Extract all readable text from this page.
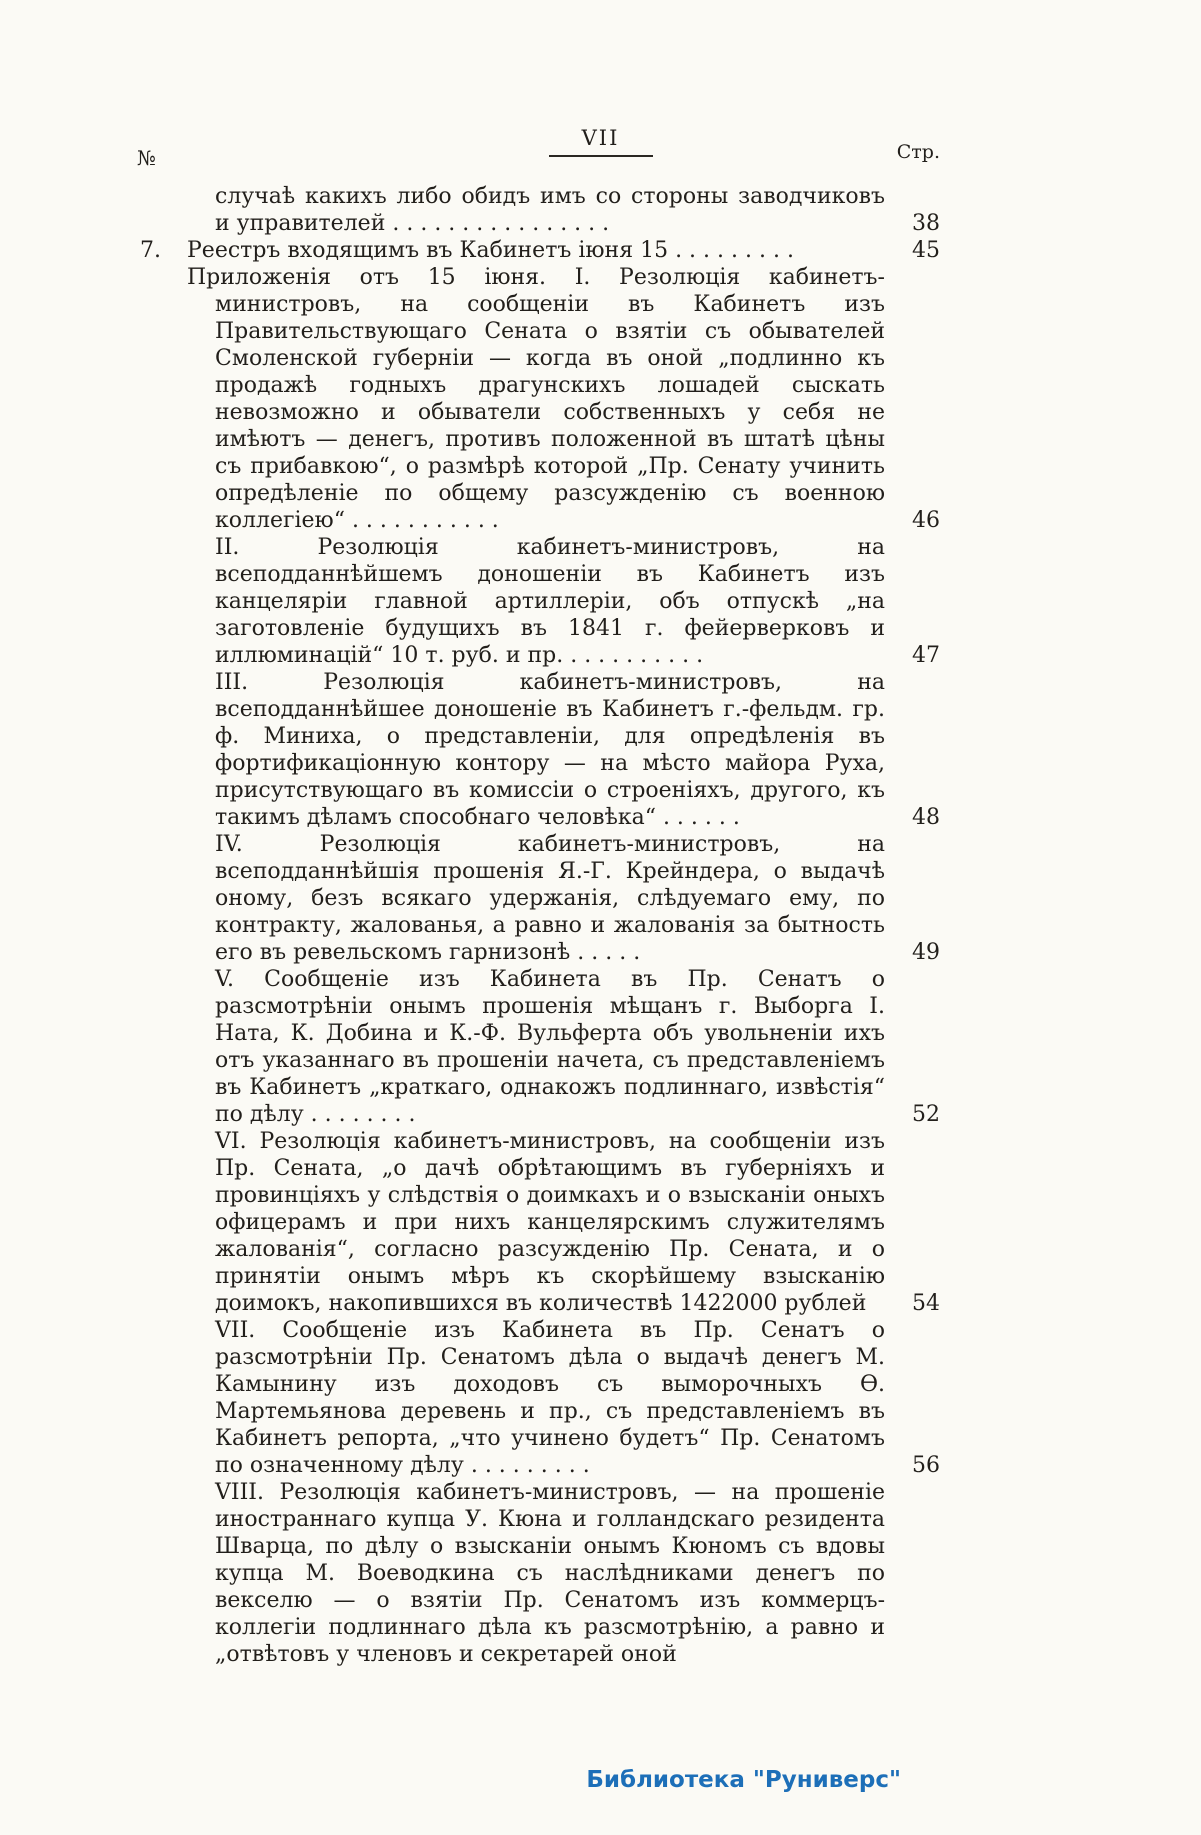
VII
№	Стр.
случаѣ какихъ либо обидъ имъ со стороны заводчиковъ и управителей . . . . . . . . . . . . . . . .	38
7.	Реестръ входящимъ въ Кабинетъ іюня 15 . . . . . . . . .	45
Приложенія отъ 15 іюня. I. Резолюція кабинетъ-министровъ, на сообщеніи въ Кабинетъ изъ Правительствующаго Сената о взятіи съ обывателей Смоленской губерніи — когда въ оной „подлинно къ продажѣ годныхъ драгунскихъ лошадей сыскать невозможно и обыватели собственныхъ у себя не имѣютъ — денегъ, противъ положенной въ штатѣ цѣны съ прибавкою“, о размѣрѣ которой „Пр. Сенату учинить опредѣленіе по общему разсужденію съ военною коллегіею“ . . . . . . . . . . .	46
II. Резолюція кабинетъ-министровъ, на всеподданнѣйшемъ доношеніи въ Кабинетъ изъ канцеляріи главной артиллеріи, объ отпускѣ „на заготовленіе будущихъ въ 1841 г. фейерверковъ и иллюминацій“ 10 т. руб. и пр. . . . . . . . . . .	47
III. Резолюція кабинетъ-министровъ, на всеподданнѣйшее доношеніе въ Кабинетъ г.-фельдм. гр. ф. Миниха, о представленіи, для опредѣленія въ фортификаціонную контору — на мѣсто майора Руха, присутствующаго въ комиссіи о строеніяхъ, другого, къ такимъ дѣламъ способнаго человѣка“ . . . . . .	48
IV. Резолюція кабинетъ-министровъ, на всеподданнѣйшія прошенія Я.-Г. Крейндера, о выдачѣ оному, безъ всякаго удержанія, слѣдуемаго ему, по контракту, жалованья, а равно и жалованія за бытность его въ ревельскомъ гарнизонѣ . . . . .	49
V. Сообщеніе изъ Кабинета въ Пр. Сенатъ о разсмотрѣніи онымъ прошенія мѣщанъ г. Выборга I. Ната, К. Добина и К.-Ф. Вульферта объ увольненіи ихъ отъ указаннаго въ прошеніи начета, съ представленіемъ въ Кабинетъ „краткаго, однакожъ подлиннаго, извѣстія“ по дѣлу . . . . . . . .	52
VI. Резолюція кабинетъ-министровъ, на сообщеніи изъ Пр. Сената, „о дачѣ обрѣтающимъ въ губерніяхъ и провинціяхъ у слѣдствія о доимкахъ и о взысканіи оныхъ офицерамъ и при нихъ канцелярскимъ служителямъ жалованія“, согласно разсужденію Пр. Сената, и о принятіи онымъ мѣръ къ скорѣйшему взысканію доимокъ, накопившихся въ количествѣ 1422000 рублей	54
VII. Сообщеніе изъ Кабинета въ Пр. Сенатъ о разсмотрѣніи Пр. Сенатомъ дѣла о выдачѣ денегъ М. Камынину изъ доходовъ съ выморочныхъ Ѳ. Мартемьянова деревень и пр., съ представленіемъ въ Кабинетъ репорта, „что учинено будетъ“ Пр. Сенатомъ по означенному дѣлу . . . . . . . . .	56
VIII. Резолюція кабинетъ-министровъ, — на прошеніе иностраннаго купца У. Кюна и голландскаго резидента Шварца, по дѣлу о взысканіи онымъ Кюномъ съ вдовы купца М. Воеводкина съ наслѣдниками денегъ по векселю — о взятіи Пр. Сенатомъ изъ коммерцъ-коллегіи подлиннаго дѣла къ разсмотрѣнію, а равно и „отвѣтовъ у членовъ и секретарей оной
Библиотека "Руниверс"
